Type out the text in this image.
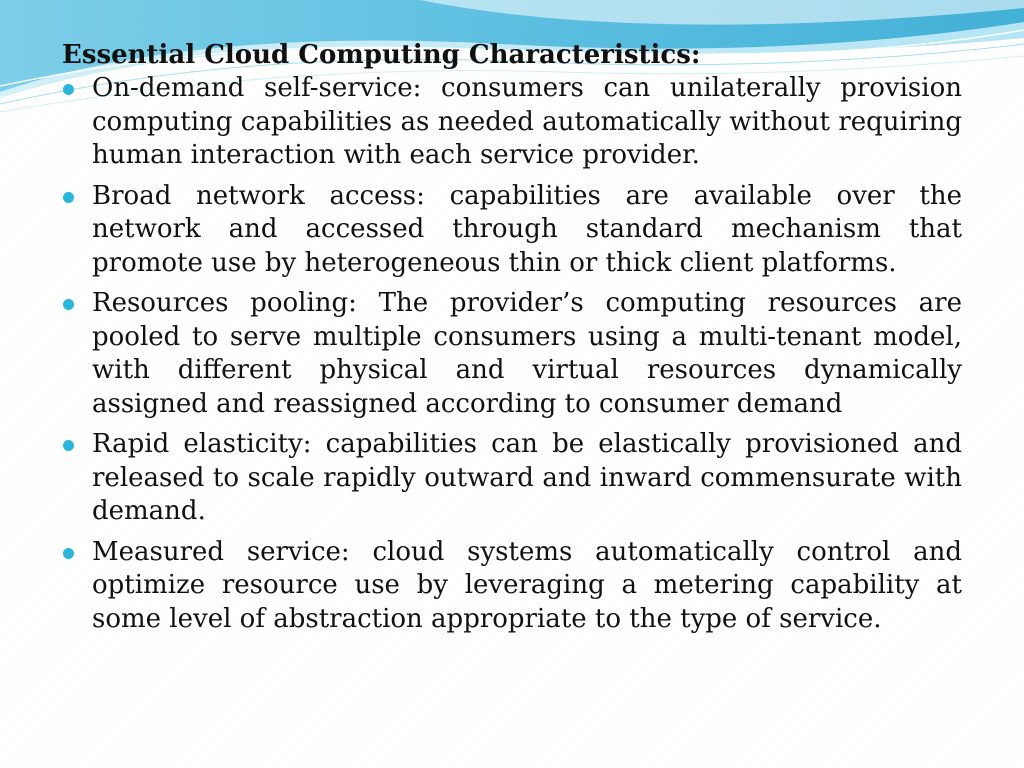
Essential Cloud Computing Characteristics:
On-demand self-service: consumers can unilaterally provision computing capabilities as needed automatically without requiring human interaction with each service provider.
Broad network access: capabilities are available over the network and accessed through standard mechanism that promote use by heterogeneous thin or thick client platforms.
Resources pooling: The provider’s computing resources are pooled to serve multiple consumers using a multi-tenant model, with different physical and virtual resources dynamically assigned and reassigned according to consumer demand
Rapid elasticity: capabilities can be elastically provisioned and released to scale rapidly outward and inward commensurate with demand.
Measured service: cloud systems automatically control and optimize resource use by leveraging a metering capability at some level of abstraction appropriate to the type of service.
